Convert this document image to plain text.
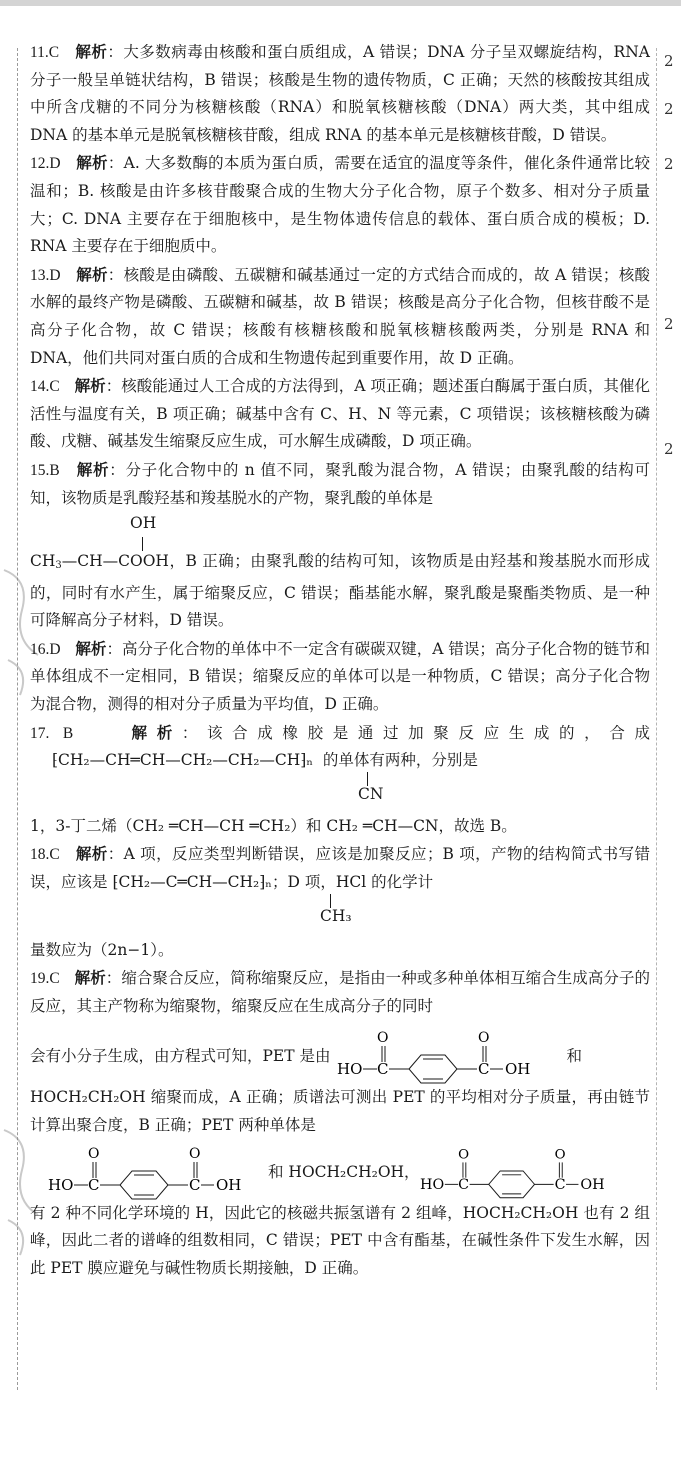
2
2
2
2
2

11.C 解析：大多数病毒由核酸和蛋白质组成，A 错误；DNA 分子呈双螺旋结构，RNA 分子一般呈单链状结构，B 错误；核酸是生物的遗传物质，C 正确；天然的核酸按其组成中所含戊糖的不同分为核糖核酸（RNA）和脱氧核糖核酸（DNA）两大类，其中组成 DNA 的基本单元是脱氧核糖核苷酸，组成 RNA 的基本单元是核糖核苷酸，D 错误。

12.D 解析：A. 大多数酶的本质为蛋白质，需要在适宜的温度等条件，催化条件通常比较温和；B. 核酸是由许多核苷酸聚合成的生物大分子化合物，原子个数多、相对分子质量大；C. DNA 主要存在于细胞核中，是生物体遗传信息的载体、蛋白质合成的模板；D. RNA 主要存在于细胞质中。

13.D 解析：核酸是由磷酸、五碳糖和碱基通过一定的方式结合而成的，故 A 错误；核酸水解的最终产物是磷酸、五碳糖和碱基，故 B 错误；核酸是高分子化合物，但核苷酸不是高分子化合物，故 C 错误；核酸有核糖核酸和脱氧核糖核酸两类，分别是 RNA 和 DNA，他们共同对蛋白质的合成和生物遗传起到重要作用，故 D 正确。

14.C 解析：核酸能通过人工合成的方法得到，A 项正确；题述蛋白酶属于蛋白质，其催化活性与温度有关，B 项正确；碱基中含有 C、H、N 等元素，C 项错误；该核糖核酸为磷酸、戊糖、碱基发生缩聚反应生成，可水解生成磷酸，D 项正确。

15.B 解析：分子化合物中的 n 值不同，聚乳酸为混合物，A 错误；由聚乳酸的结构可知，该物质是乳酸羟基和羧基脱水的产物，聚乳酸的单体是

OH

$CH_3—CH—COOH$，B 正确；由聚乳酸的结构可知，该物质是由羟基和羧基脱水而形成的，同时有水产生，属于缩聚反应，C 错误；酯基能水解，聚乳酸是聚酯类物质、是一种可降解高分子材料，D 错误。

16.D 解析：高分子化合物的单体中不一定含有碳碳双键，A 错误；高分子化合物的链节和单体组成不一定相同，B 错误；缩聚反应的单体可以是一种物质，C 错误；高分子化合物为混合物，测得的相对分子质量为平均值，D 正确。

17. B	解析：该合成橡胶是通过加聚反应生成的，合成

⁅CH₂—CH═CH—CH₂—CH₂—CH⁆ₙ 的单体有两种，分别是

CN

1，3-丁二烯（CH₂ ═CH—CH ═CH₂）和 CH₂ ═CH—CN，故选 B。

18.C 解析：A 项，反应类型判断错误，应该是加聚反应；B 项，产物的结构简式书写错误，应该是 ⁅CH₂—C═CH—CH₂⁆ₙ；D 项，HCl 的化学计

CH₃

量数应为（2n−1）。

19.C 解析：缩合聚合反应，简称缩聚反应，是指由一种或多种单体相互缩合生成高分子的反应，其主产物称为缩聚物，缩聚反应在生成高分子的同时

会有小分子生成，由方程式可知，PET 是由
HO C
O
C
O
OH
和

HOCH₂CH₂OH 缩聚而成，A 正确；质谱法可测出 PET 的平均相对分子质量，再由链节计算出聚合度，B 正确；PET 两种单体是

HO C
O
C
O
OH
和 HOCH₂CH₂OH，
HO C
O
C
O
OH

有 2 种不同化学环境的 H，因此它的核磁共振氢谱有 2 组峰，HOCH₂CH₂OH 也有 2 组峰，因此二者的谱峰的组数相同，C 错误；PET 中含有酯基，在碱性条件下发生水解，因此 PET 膜应避免与碱性物质长期接触，D 正确。
